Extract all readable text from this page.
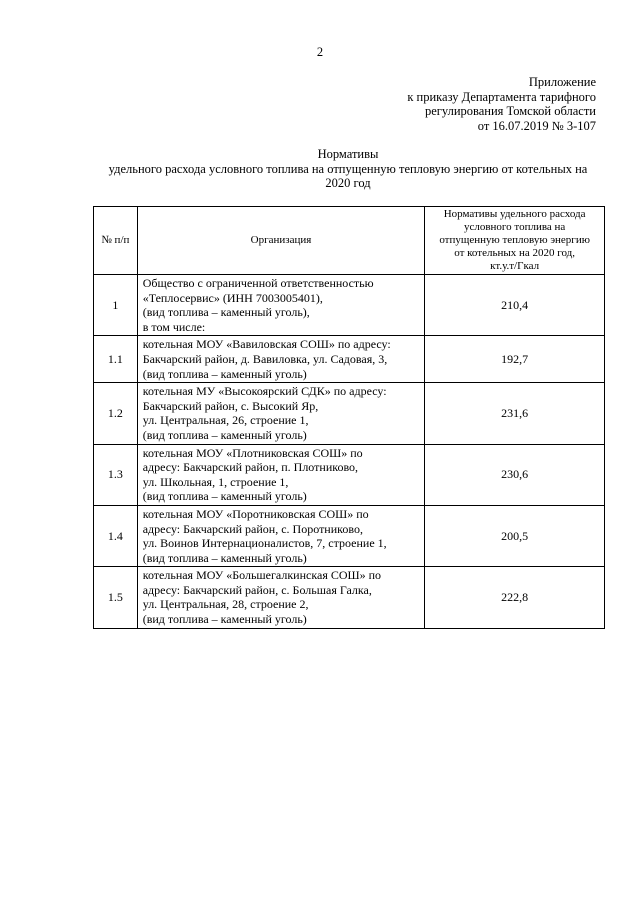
2
Приложение
к приказу Департамента тарифного
регулирования Томской области
от 16.07.2019 № 3-107
Нормативы
удельного расхода условного топлива на отпущенную тепловую энергию от котельных на
2020 год
№ п/п	Организация	Нормативы удельного расхода
условного топлива на
отпущенную тепловую энергию
от котельных на 2020 год,
кт.у.т/Гкал

1	Общество с ограниченной ответственностью
«Теплосервис» (ИНН 7003005401),
(вид топлива – каменный уголь),
в том числе:	210,4
1.1	котельная МОУ «Вавиловская СОШ» по адресу:
Бакчарский район, д. Вавиловка, ул. Садовая, 3,
(вид топлива – каменный уголь)	192,7
1.2	котельная МУ «Высокоярский СДК» по адресу:
Бакчарский район, с. Высокий Яр,
ул. Центральная, 26, строение 1,
(вид топлива – каменный уголь)	231,6
1.3	котельная МОУ «Плотниковская СОШ» по
адресу: Бакчарский район, п. Плотниково,
ул. Школьная, 1, строение 1,
(вид топлива – каменный уголь)	230,6
1.4	котельная МОУ «Поротниковская СОШ» по
адресу: Бакчарский район, с. Поротниково,
ул. Воинов Интернационалистов, 7, строение 1,
(вид топлива – каменный уголь)	200,5
1.5	котельная МОУ «Большегалкинская СОШ» по
адресу: Бакчарский район, с. Большая Галка,
ул. Центральная, 28, строение 2,
(вид топлива – каменный уголь)	222,8
